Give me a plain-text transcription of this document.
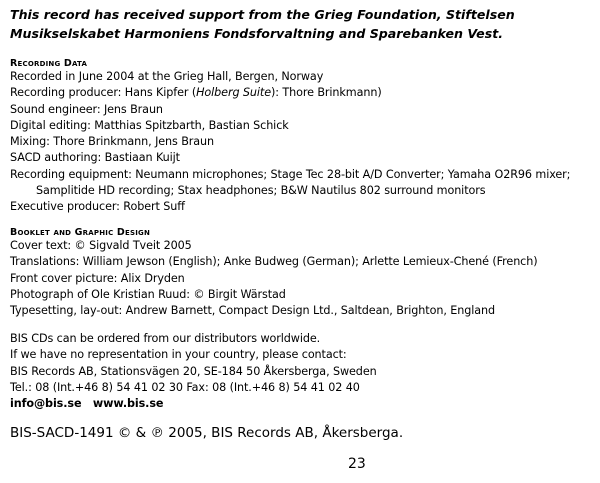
This record has received support from the Grieg Foundation, Stiftelsen Musikselskabet Harmoniens Fondsforvaltning and Sparebanken Vest.
Recording Data
Recorded in June 2004 at the Grieg Hall, Bergen, Norway
Recording producer: Hans Kipfer (Holberg Suite): Thore Brinkmann)
Sound engineer: Jens Braun
Digital editing: Matthias Spitzbarth, Bastian Schick
Mixing: Thore Brinkmann, Jens Braun
SACD authoring: Bastiaan Kuijt
Recording equipment: Neumann microphones; Stage Tec 28-bit A/D Converter; Yamaha O2R96 mixer;
Samplitide HD recording; Stax headphones; B&W Nautilus 802 surround monitors
Executive producer: Robert Suff
Booklet and Graphic Design
Cover text: © Sigvald Tveit 2005
Translations: William Jewson (English); Anke Budweg (German); Arlette Lemieux-Chené (French)
Front cover picture: Alix Dryden
Photograph of Ole Kristian Ruud: © Birgit Wärstad
Typesetting, lay-out: Andrew Barnett, Compact Design Ltd., Saltdean, Brighton, England
BIS CDs can be ordered from our distributors worldwide.
If we have no representation in your country, please contact:
BIS Records AB, Stationsvägen 20, SE-184 50 Åkersberga, Sweden
Tel.: 08 (Int.+46 8) 54 41 02 30 Fax: 08 (Int.+46 8) 54 41 02 40
info@bis.se www.bis.se
BIS-SACD-1491 © & ℗ 2005, BIS Records AB, Åkersberga.
23
